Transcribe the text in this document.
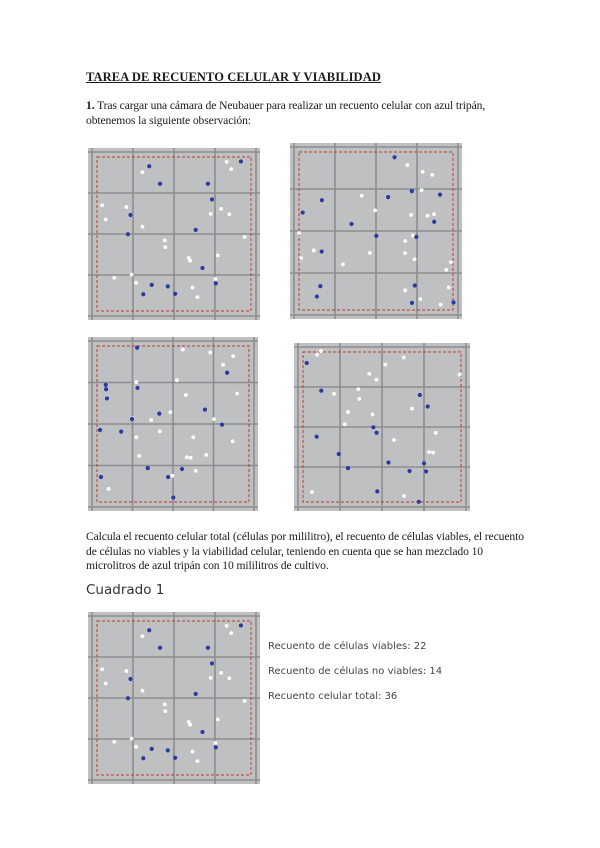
TAREA DE RECUENTO CELULAR Y VIABILIDAD
1. Tras cargar una cámara de Neubauer para realizar un recuento celular con azul tripán, obtenemos la siguiente observación:
Calcula el recuento celular total (células por mililitro), el recuento de células viables, el recuento de células no viables y la viabilidad celular, teniendo en cuenta que se han mezclado 10 microlitros de azul tripán con 10 mililitros de cultivo.
Cuadrado 1
Recuento de células viables: 22
Recuento de células no viables: 14
Recuento celular total: 36
